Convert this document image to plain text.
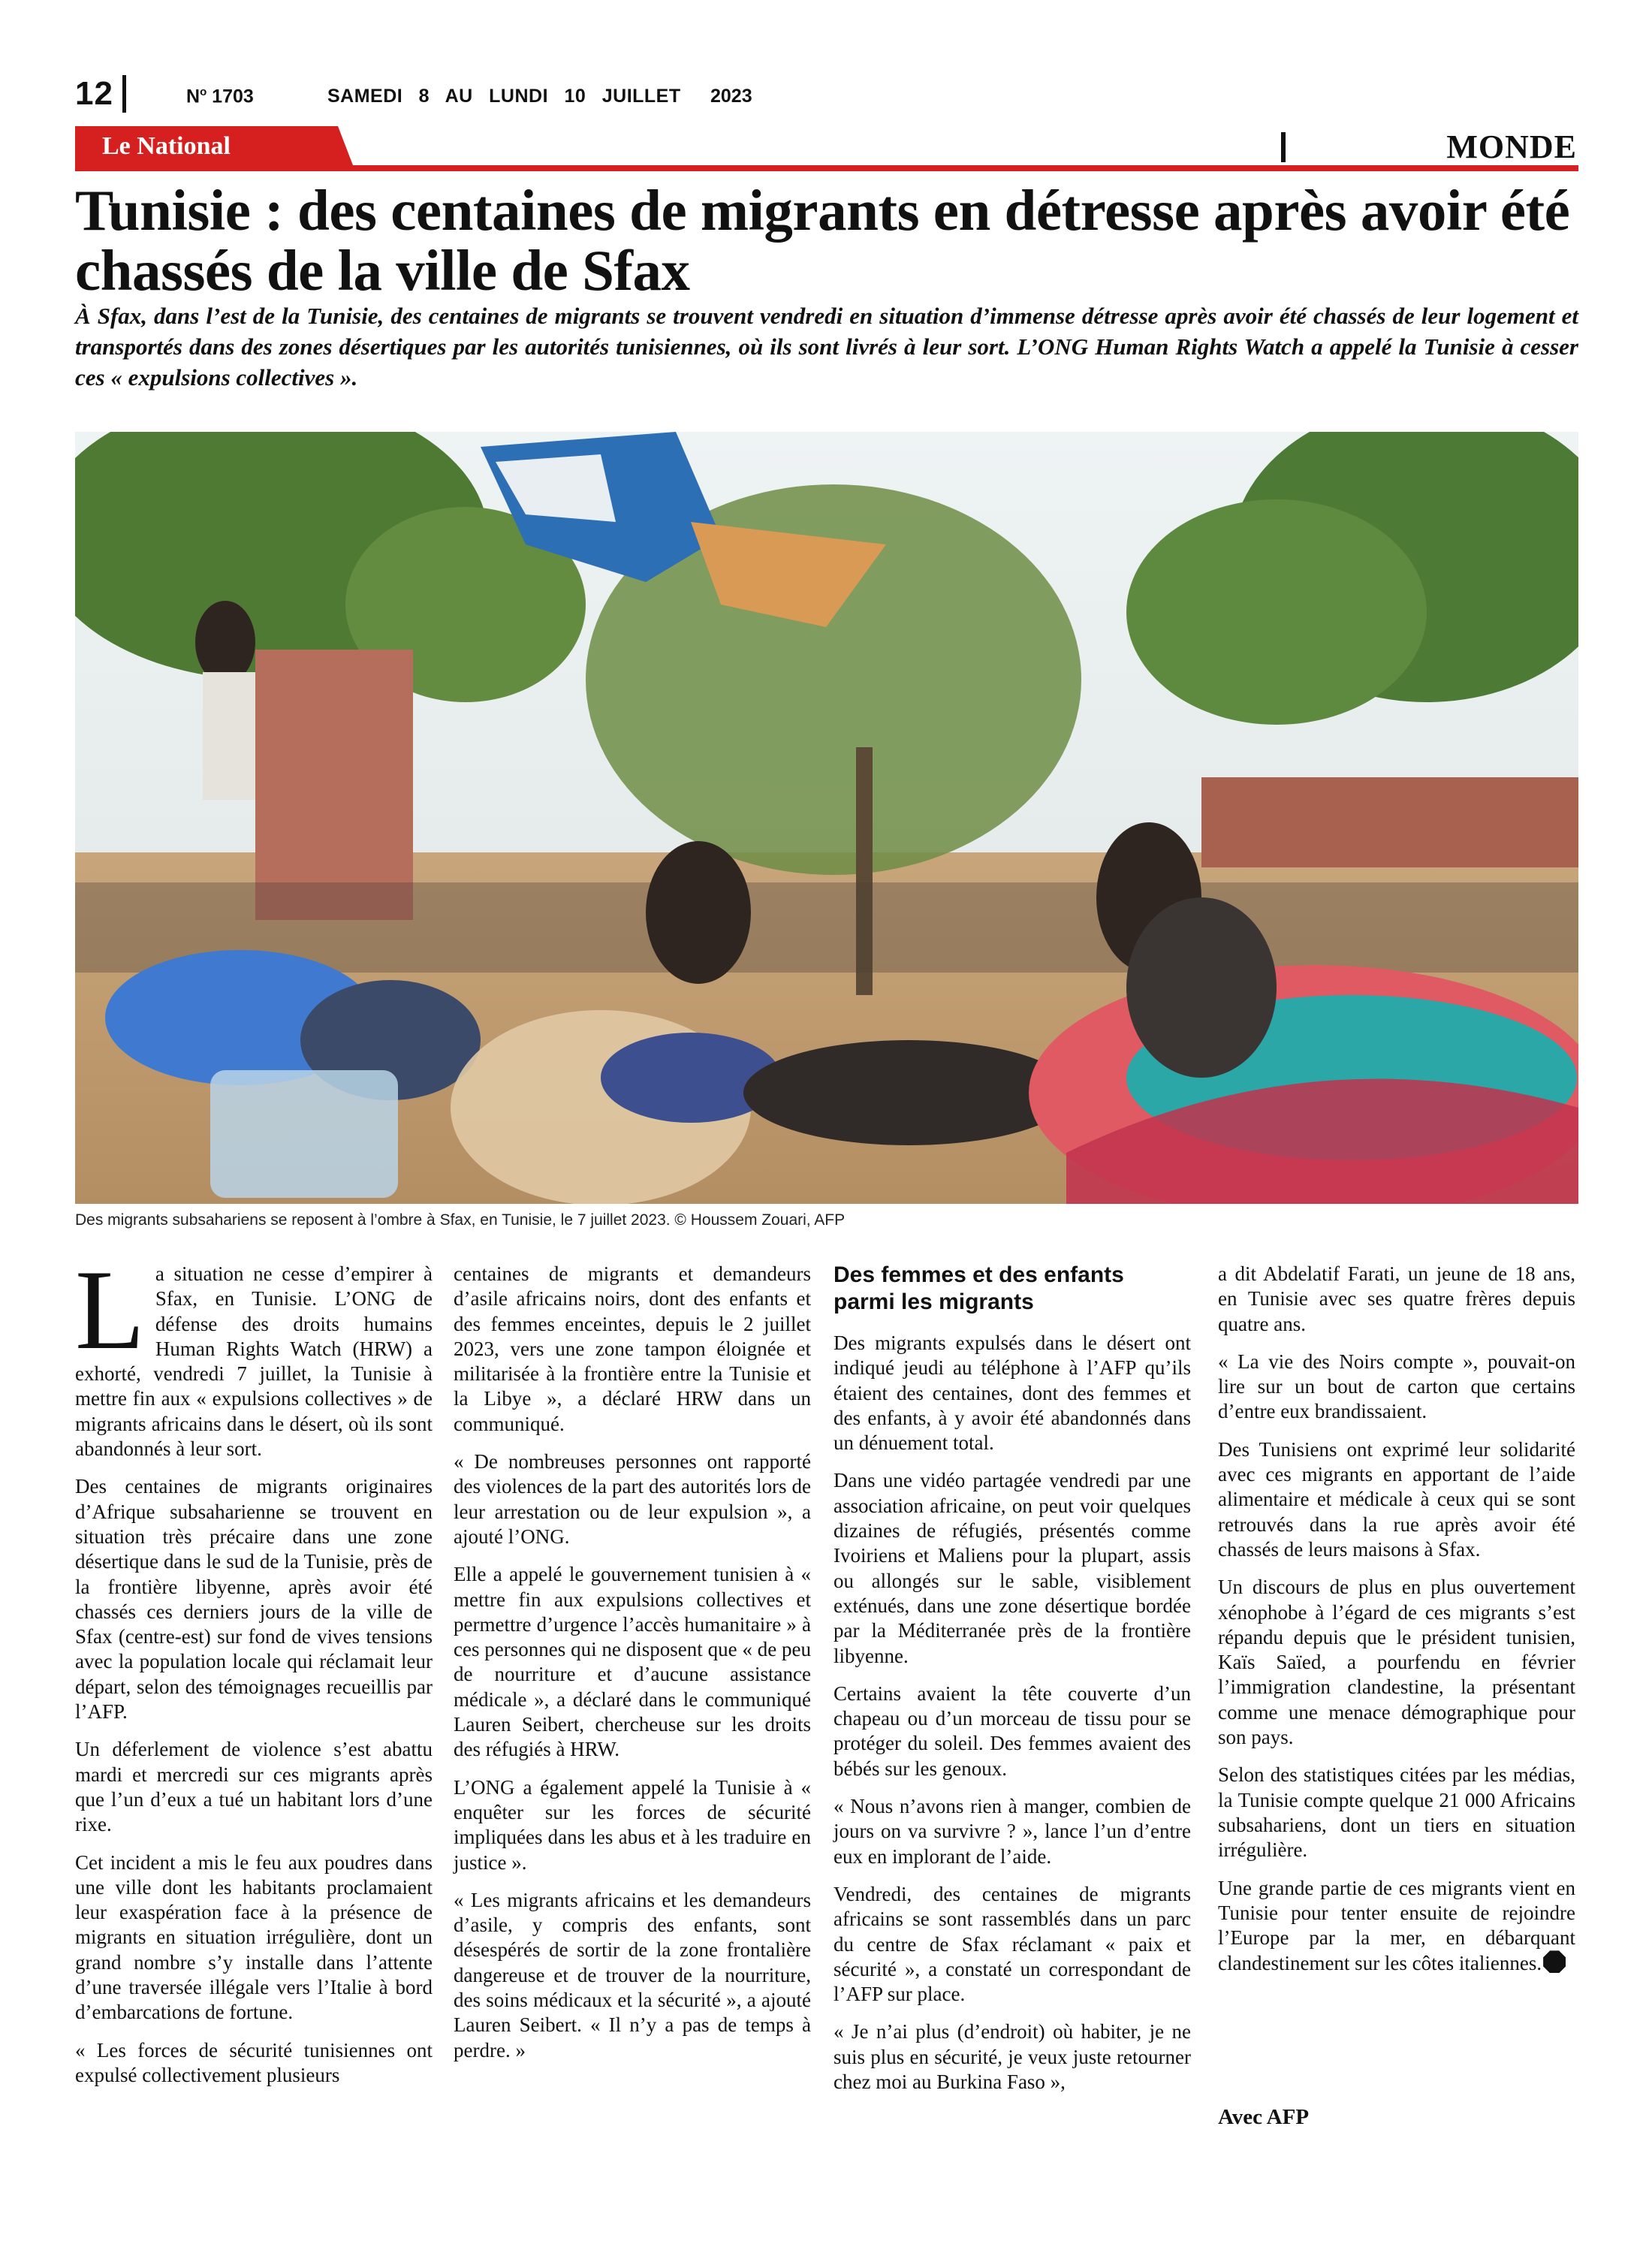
12	$N^o$ 1703	SAMEDI 8 AU LUNDI 10 JUILLET 2023
Le National	MONDE
Tunisie : des centaines de migrants en détresse après avoir été chassés de la ville de Sfax

À Sfax, dans l’est de la Tunisie, des centaines de migrants se trouvent vendredi en situation d’immense détresse après avoir été chassés de leur logement et transportés dans des zones désertiques par les autorités tunisiennes, où ils sont livrés à leur sort. L’ONG Human Rights Watch a appelé la Tunisie à cesser ces « expulsions collectives ».

Des migrants subsahariens se reposent à l’ombre à Sfax, en Tunisie, le 7 juillet 2023. © Houssem Zouari, AFP

La situation ne cesse d’empirer à Sfax, en Tunisie. L’ONG de défense des droits humains Human Rights Watch (HRW) a exhorté, vendredi 7 juillet, la Tunisie à mettre fin aux « expulsions collectives » de migrants africains dans le désert, où ils sont abandonnés à leur sort.

Des centaines de migrants originaires d’Afrique subsaharienne se trouvent en situation très précaire dans une zone désertique dans le sud de la Tunisie, près de la frontière libyenne, après avoir été chassés ces derniers jours de la ville de Sfax (centre-est) sur fond de vives tensions avec la population locale qui réclamait leur départ, selon des témoignages recueillis par l’AFP.

Un déferlement de violence s’est abattu mardi et mercredi sur ces migrants après que l’un d’eux a tué un habitant lors d’une rixe.

Cet incident a mis le feu aux poudres dans une ville dont les habitants proclamaient leur exaspération face à la présence de migrants en situation irrégulière, dont un grand nombre s’y installe dans l’attente d’une traversée illégale vers l’Italie à bord d’embarcations de fortune.

« Les forces de sécurité tunisiennes ont expulsé collectivement plusieurs

centaines de migrants et demandeurs d’asile africains noirs, dont des enfants et des femmes enceintes, depuis le 2 juillet 2023, vers une zone tampon éloignée et militarisée à la frontière entre la Tunisie et la Libye », a déclaré HRW dans un communiqué.

« De nombreuses personnes ont rapporté des violences de la part des autorités lors de leur arrestation ou de leur expulsion », a ajouté l’ONG.

Elle a appelé le gouvernement tunisien à « mettre fin aux expulsions collectives et permettre d’urgence l’accès humanitaire » à ces personnes qui ne disposent que « de peu de nourriture et d’aucune assistance médicale », a déclaré dans le communiqué Lauren Seibert, chercheuse sur les droits des réfugiés à HRW.

L’ONG a également appelé la Tunisie à « enquêter sur les forces de sécurité impliquées dans les abus et à les traduire en justice ».

« Les migrants africains et les demandeurs d’asile, y compris des enfants, sont désespérés de sortir de la zone frontalière dangereuse et de trouver de la nourriture, des soins médicaux et la sécurité », a ajouté Lauren Seibert. « Il n’y a pas de temps à perdre. »

Des femmes et des enfants parmi les migrants

Des migrants expulsés dans le désert ont indiqué jeudi au téléphone à l’AFP qu’ils étaient des centaines, dont des femmes et des enfants, à y avoir été abandonnés dans un dénuement total.

Dans une vidéo partagée vendredi par une association africaine, on peut voir quelques dizaines de réfugiés, présentés comme Ivoiriens et Maliens pour la plupart, assis ou allongés sur le sable, visiblement exténués, dans une zone désertique bordée par la Méditerranée près de la frontière libyenne.

Certains avaient la tête couverte d’un chapeau ou d’un morceau de tissu pour se protéger du soleil. Des femmes avaient des bébés sur les genoux.

« Nous n’avons rien à manger, combien de jours on va survivre ? », lance l’un d’entre eux en implorant de l’aide.

Vendredi, des centaines de migrants africains se sont rassemblés dans un parc du centre de Sfax réclamant « paix et sécurité », a constaté un correspondant de l’AFP sur place.

« Je n’ai plus (d’endroit) où habiter, je ne suis plus en sécurité, je veux juste retourner chez moi au Burkina Faso »,

a dit Abdelatif Farati, un jeune de 18 ans, en Tunisie avec ses quatre frères depuis quatre ans.

« La vie des Noirs compte », pouvait-on lire sur un bout de carton que certains d’entre eux brandissaient.

Des Tunisiens ont exprimé leur solidarité avec ces migrants en apportant de l’aide alimentaire et médicale à ceux qui se sont retrouvés dans la rue après avoir été chassés de leurs maisons à Sfax.

Un discours de plus en plus ouvertement xénophobe à l’égard de ces migrants s’est répandu depuis que le président tunisien, Kaïs Saïed, a pourfendu en février l’immigration clandestine, la présentant comme une menace démographique pour son pays.

Selon des statistiques citées par les médias, la Tunisie compte quelque 21 000 Africains subsahariens, dont un tiers en situation irrégulière.

Une grande partie de ces migrants vient en Tunisie pour tenter ensuite de rejoindre l’Europe par la mer, en débarquant clandestinement sur les côtes italiennes.

Avec AFP
